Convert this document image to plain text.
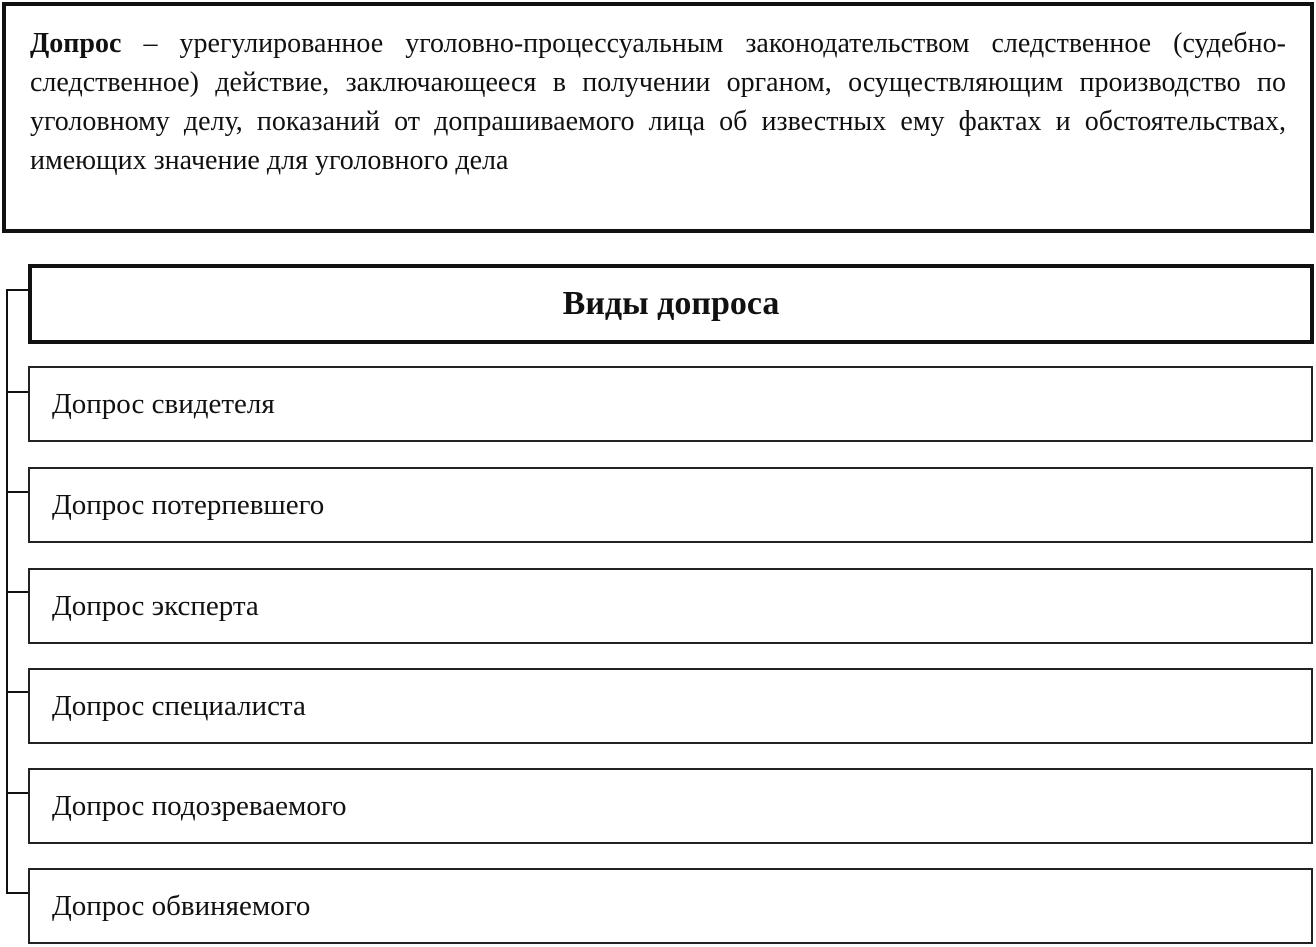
Допрос – урегулированное уголовно-процессуальным законодательством следственное (судебно-следственное) действие, заключающееся в получении органом, осуществляющим производство по уголовному делу, показаний от допрашиваемого лица об известных ему фактах и обстоятельствах, имеющих значение для уголовного дела

Виды допроса
Допрос свидетеля
Допрос потерпевшего
Допрос эксперта
Допрос специалиста
Допрос подозреваемого
Допрос обвиняемого
